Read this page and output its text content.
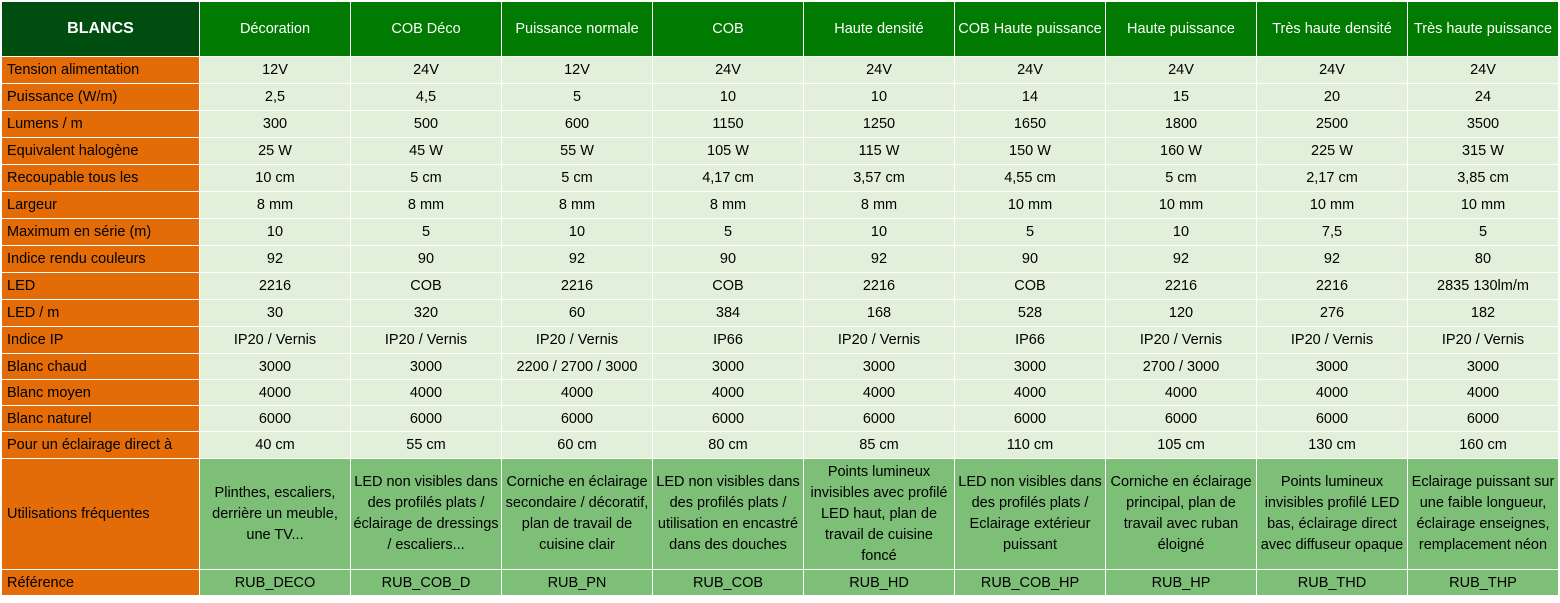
BLANCS	Décoration	COB Déco	Puissance normale	COB	Haute densité	COB Haute puissance	Haute puissance	Très haute densité	Très haute puissance
Tension alimentation	12V	24V	12V	24V	24V	24V	24V	24V	24V
Puissance (W/m)	2,5	4,5	5	10	10	14	15	20	24
Lumens / m	300	500	600	1150	1250	1650	1800	2500	3500
Equivalent halogène	25 W	45 W	55 W	105 W	115 W	150 W	160 W	225 W	315 W
Recoupable tous les	10 cm	5 cm	5 cm	4,17 cm	3,57 cm	4,55 cm	5 cm	2,17 cm	3,85 cm
Largeur	8 mm	8 mm	8 mm	8 mm	8 mm	10 mm	10 mm	10 mm	10 mm
Maximum en série (m)	10	5	10	5	10	5	10	7,5	5
Indice rendu couleurs	92	90	92	90	92	90	92	92	80
LED	2216	COB	2216	COB	2216	COB	2216	2216	2835 130lm/m
LED / m	30	320	60	384	168	528	120	276	182
Indice IP	IP20 / Vernis	IP20 / Vernis	IP20 / Vernis	IP66	IP20 / Vernis	IP66	IP20 / Vernis	IP20 / Vernis	IP20 / Vernis
Blanc chaud	3000	3000	2200 / 2700 / 3000	3000	3000	3000	2700 / 3000	3000	3000
Blanc moyen	4000	4000	4000	4000	4000	4000	4000	4000	4000
Blanc naturel	6000	6000	6000	6000	6000	6000	6000	6000	6000
Pour un éclairage direct à	40 cm	55 cm	60 cm	80 cm	85 cm	110 cm	105 cm	130 cm	160 cm
Utilisations fréquentes	Plinthes, escaliers, derrière un meuble, une TV...	LED non visibles dans des profilés plats / éclairage de dressings / escaliers...	Corniche en éclairage secondaire / décoratif, plan de travail de cuisine clair	LED non visibles dans des profilés plats / utilisation en encastré dans des douches	Points lumineux invisibles avec profilé LED haut, plan de travail de cuisine foncé	LED non visibles dans des profilés plats / Eclairage extérieur puissant	Corniche en éclairage principal, plan de travail avec ruban éloigné	Points lumineux invisibles profilé LED bas, éclairage direct avec diffuseur opaque	Eclairage puissant sur une faible longueur, éclairage enseignes, remplacement néon
Référence	RUB_DECO	RUB_COB_D	RUB_PN	RUB_COB	RUB_HD	RUB_COB_HP	RUB_HP	RUB_THD	RUB_THP
